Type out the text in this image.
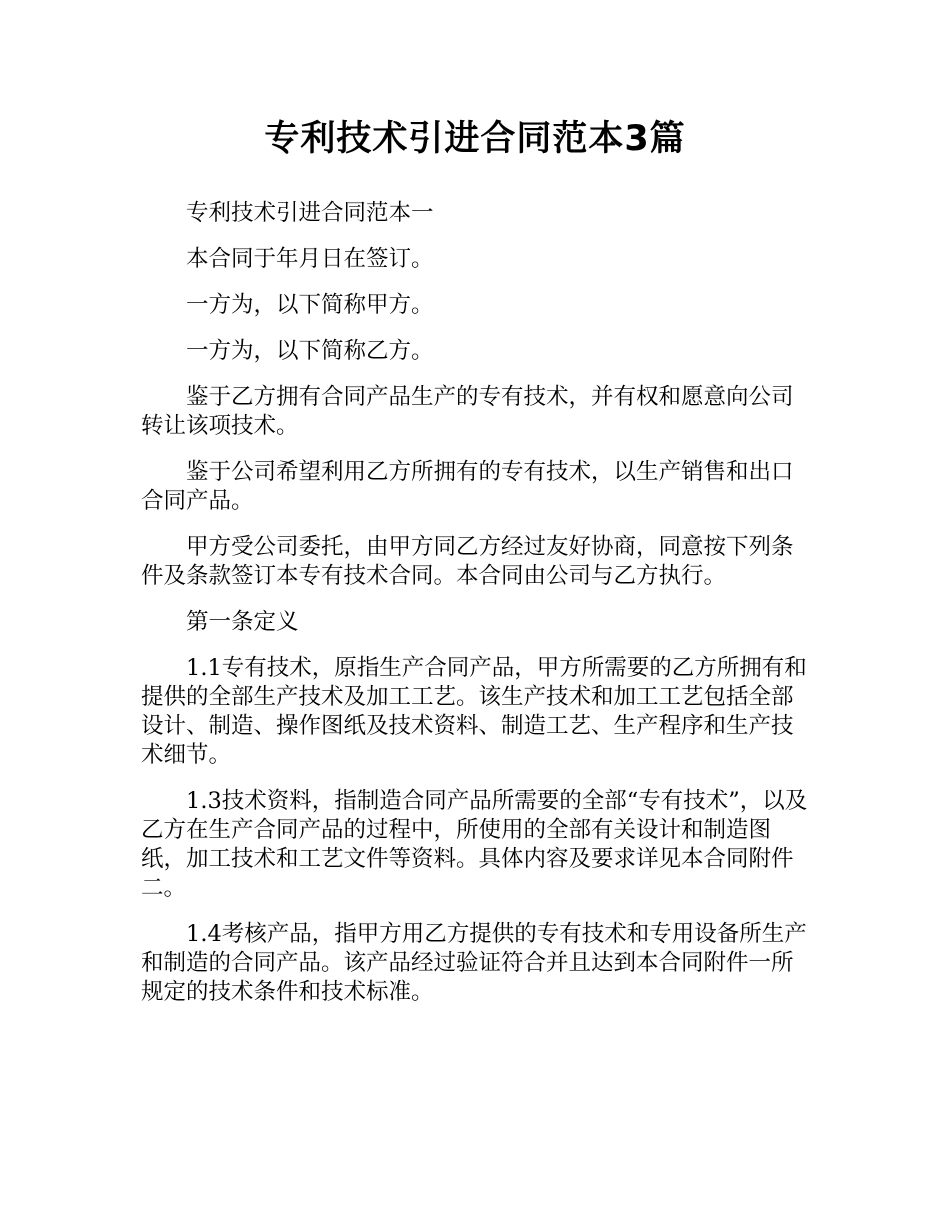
专利技术引进合同范本3篇

专利技术引进合同范本一

本合同于年月日在签订。

一方为，以下简称甲方。

一方为，以下简称乙方。

鉴于乙方拥有合同产品生产的专有技术，并有权和愿意向公司转让该项技术。

鉴于公司希望利用乙方所拥有的专有技术，以生产销售和出口合同产品。

甲方受公司委托，由甲方同乙方经过友好协商，同意按下列条件及条款签订本专有技术合同。本合同由公司与乙方执行。

第一条定义

1.1专有技术，原指生产合同产品，甲方所需要的乙方所拥有和提供的全部生产技术及加工工艺。该生产技术和加工工艺包括全部设计、制造、操作图纸及技术资料、制造工艺、生产程序和生产技术细节。

1.3技术资料，指制造合同产品所需要的全部“专有技术”，以及乙方在生产合同产品的过程中，所使用的全部有关设计和制造图纸，加工技术和工艺文件等资料。具体内容及要求详见本合同附件二。

1.4考核产品，指甲方用乙方提供的专有技术和专用设备所生产和制造的合同产品。该产品经过验证符合并且达到本合同附件一所规定的技术条件和技术标准。
